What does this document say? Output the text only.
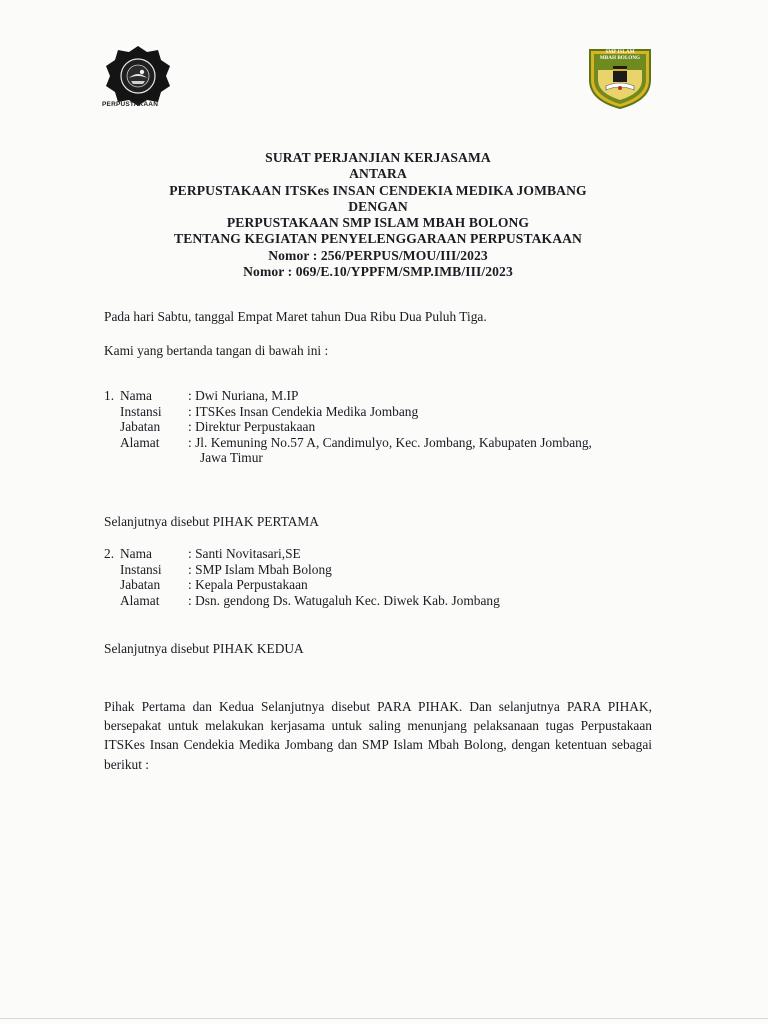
PERPUSTAKAAN
SMP ISLAM
MBAH BOLONG
SURAT PERJANJIAN KERJASAMA
ANTARA
PERPUSTAKAAN ITSKes INSAN CENDEKIA MEDIKA JOMBANG
DENGAN
PERPUSTAKAAN SMP ISLAM MBAH BOLONG
TENTANG KEGIATAN PENYELENGGARAAN PERPUSTAKAAN
Nomor : 256/PERPUS/MOU/III/2023
Nomor : 069/E.10/YPPFM/SMP.IMB/III/2023
Pada hari Sabtu, tanggal Empat Maret tahun Dua Ribu Dua Puluh Tiga.
Kami yang bertanda tangan di bawah ini :
1. Nama	: Dwi Nuriana, M.IP
Instansi : ITSKes Insan Cendekia Medika Jombang
Jabatan : Direktur Perpustakaan
Alamat : Jl. Kemuning No.57 A, Candimulyo, Kec. Jombang, Kabupaten Jombang,
Jawa Timur
Selanjutnya disebut PIHAK PERTAMA
2. Nama	: Santi Novitasari,SE
Instansi : SMP Islam Mbah Bolong
Jabatan : Kepala Perpustakaan
Alamat : Dsn. gendong Ds. Watugaluh Kec. Diwek Kab. Jombang
Selanjutnya disebut PIHAK KEDUA
Pihak Pertama dan Kedua Selanjutnya disebut PARA PIHAK. Dan selanjutnya PARA PIHAK, bersepakat untuk melakukan kerjasama untuk saling menunjang pelaksanaan tugas Perpustakaan ITSKes Insan Cendekia Medika Jombang dan SMP Islam Mbah Bolong, dengan ketentuan sebagai berikut :
